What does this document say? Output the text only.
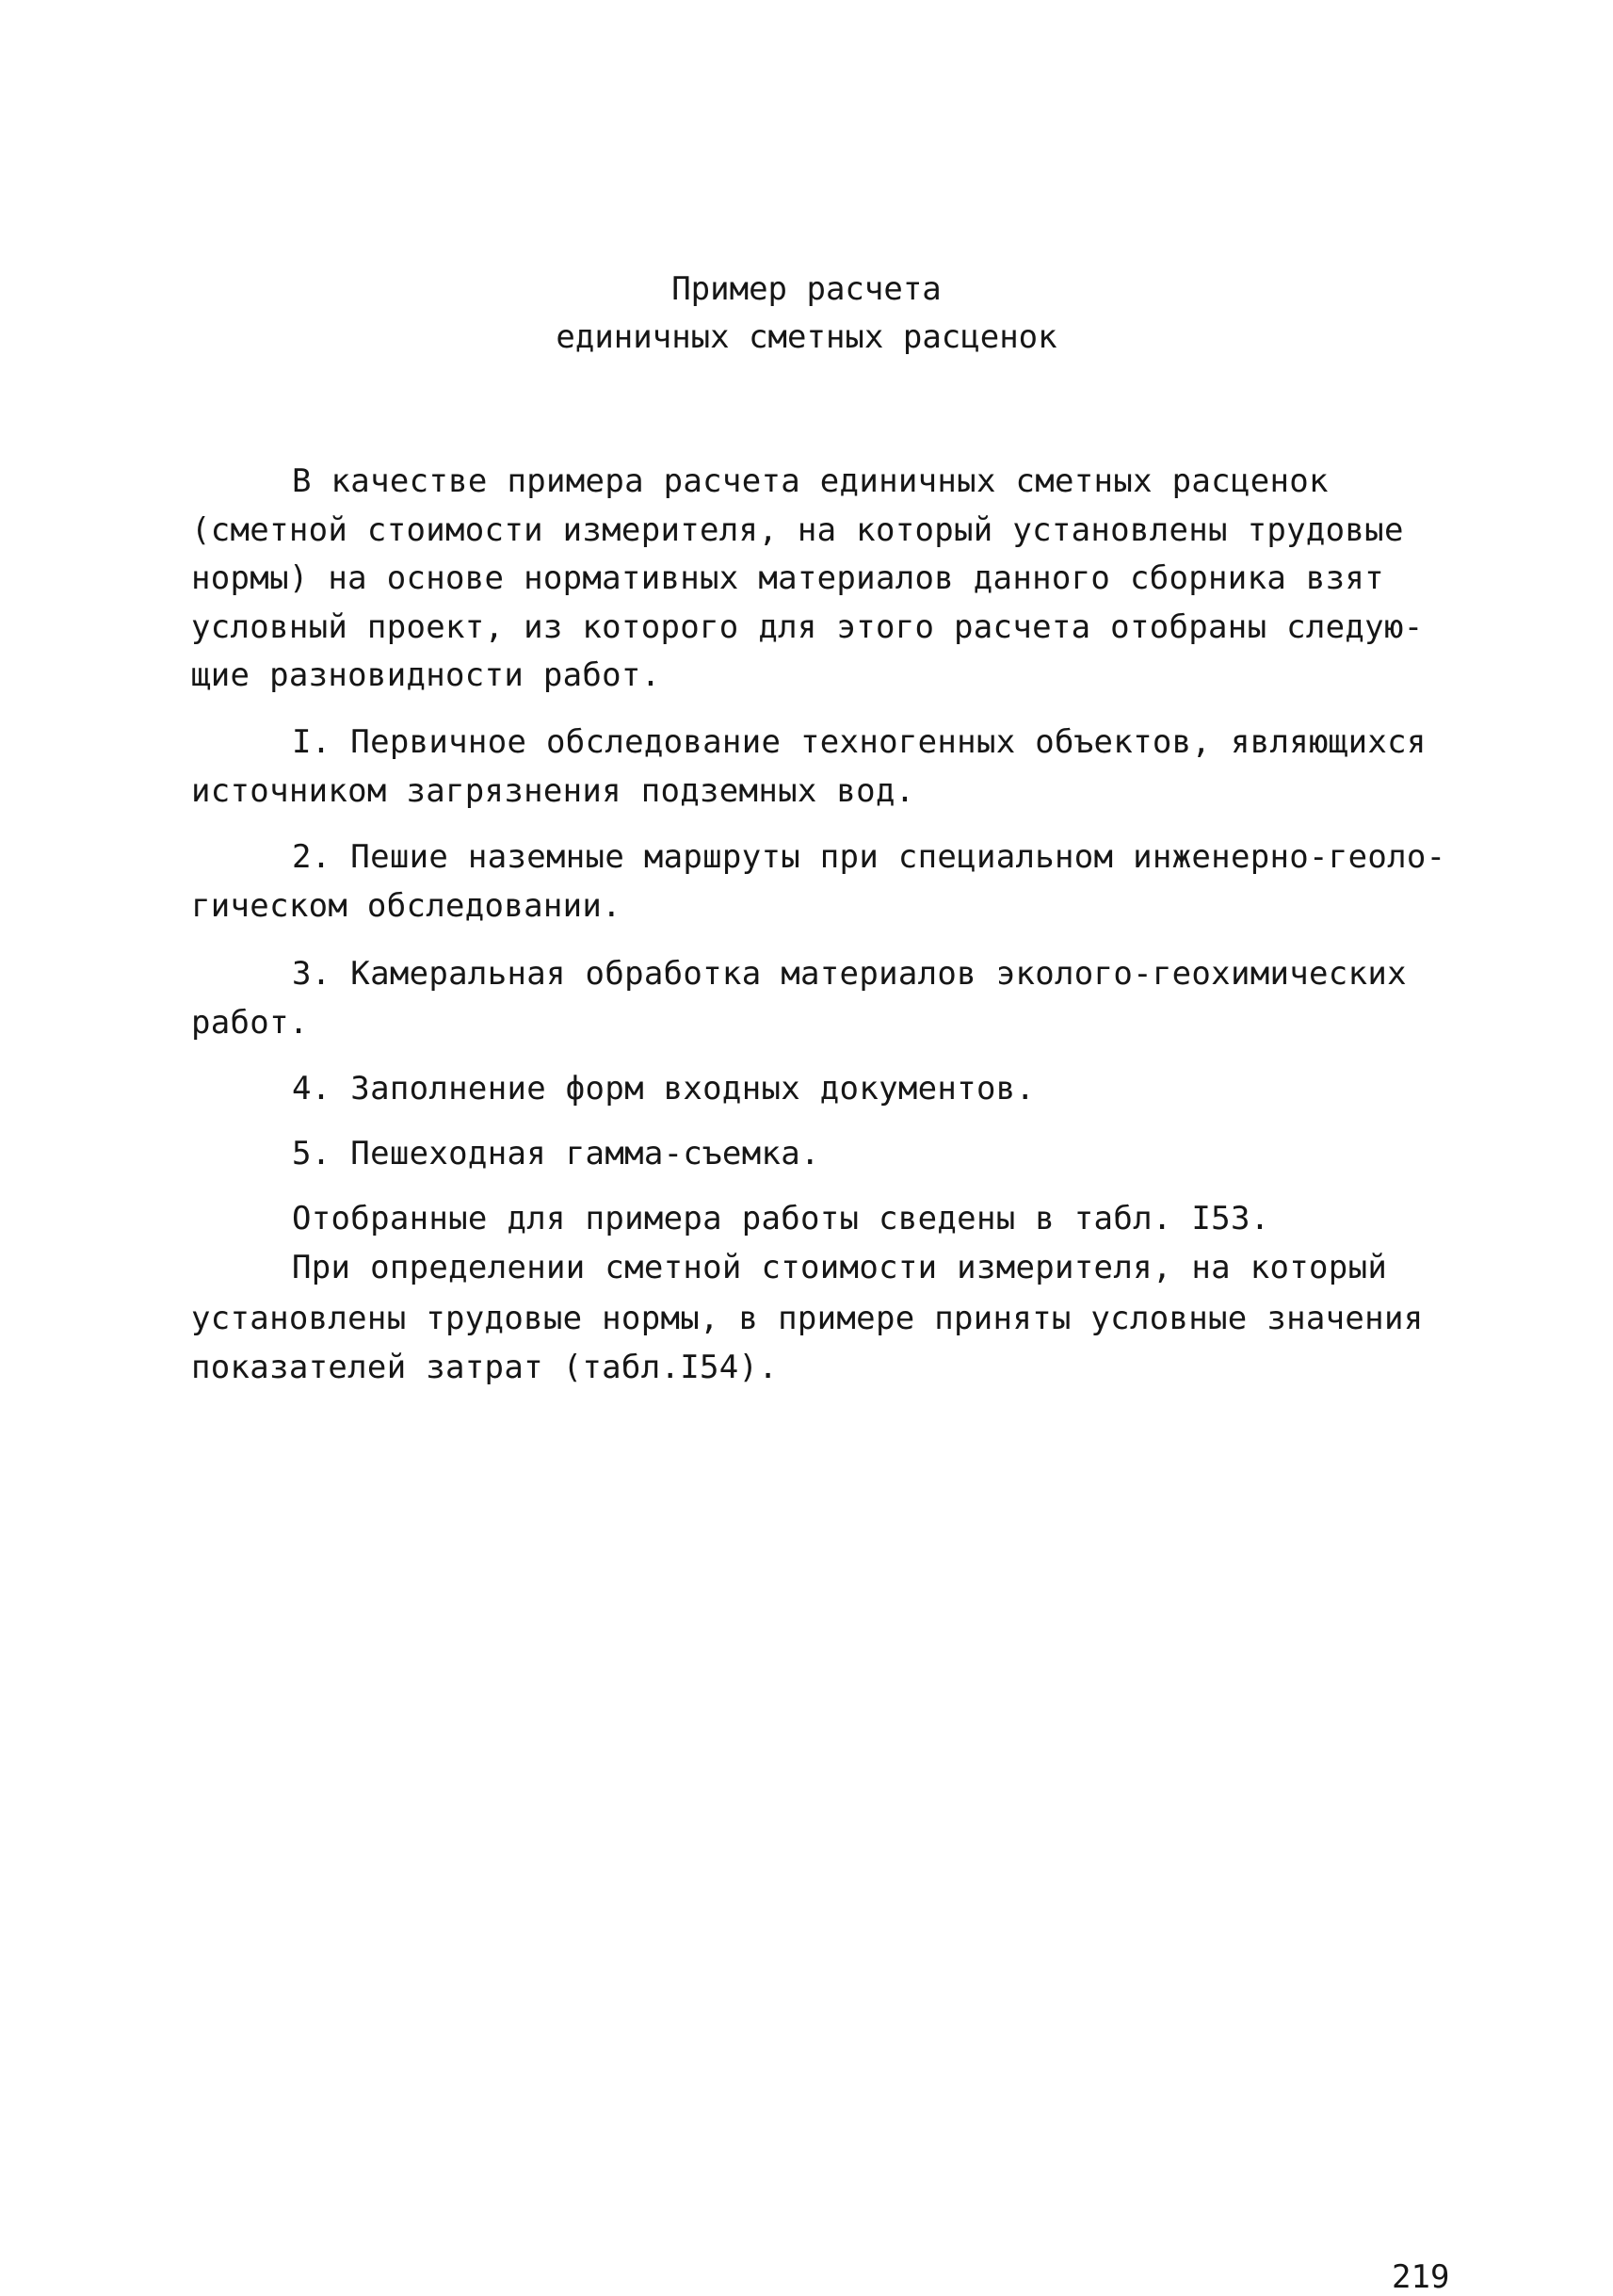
Пример расчета
единичных сметных расценок
В качестве примера расчета единичных сметных расценок
(сметной стоимости измерителя, на который установлены трудовые
нормы) на основе нормативных материалов данного сборника взят
условный проект, из которого для этого расчета отобраны следую-
щие разновидности работ.
I. Первичное обследование техногенных объектов, являющихся
источником загрязнения подземных вод.
2. Пешие наземные маршруты при специальном инженерно-геоло-
гичеcком обследовании.
3. Камеральная обработка материалов эколого-геохимических
работ.
4. Заполнение форм входных документов.
5. Пешеходная гамма-съемка.
Отобранные для примера работы сведены в табл. I53.
При определении сметной стоимости измерителя, на который
установлены трудовые нормы, в примере приняты условные значения
показателей затрат (табл.I54).
219
